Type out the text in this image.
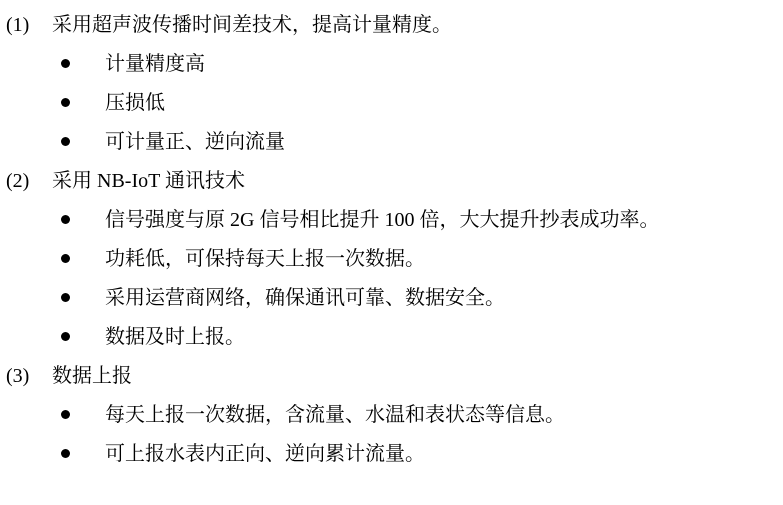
(1)	采用超声波传播时间差技术，提高计量精度。
计量精度高
压损低
可计量正、逆向流量
(2)	采用 NB-IoT 通讯技术
信号强度与原 2G 信号相比提升 100 倍，大大提升抄表成功率。
功耗低，可保持每天上报一次数据。
采用运营商网络，确保通讯可靠、数据安全。
数据及时上报。
(3)	数据上报
每天上报一次数据，含流量、水温和表状态等信息。
可上报水表内正向、逆向累计流量。
